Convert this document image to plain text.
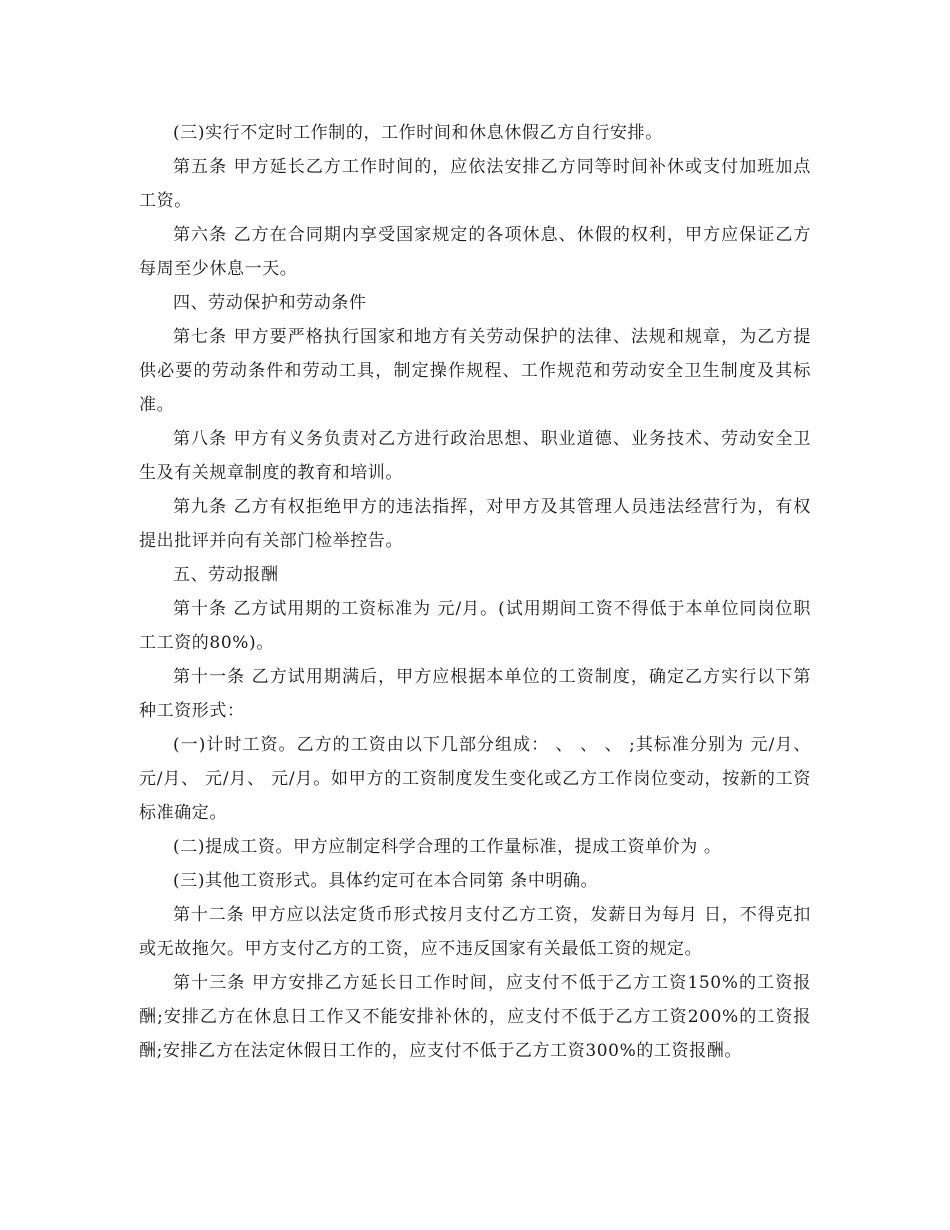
(三)实行不定时工作制的，工作时间和休息休假乙方自行安排。

第五条 甲方延长乙方工作时间的，应依法安排乙方同等时间补休或支付加班加点工资。

第六条 乙方在合同期内享受国家规定的各项休息、休假的权利，甲方应保证乙方每周至少休息一天。

四、劳动保护和劳动条件

第七条 甲方要严格执行国家和地方有关劳动保护的法律、法规和规章，为乙方提供必要的劳动条件和劳动工具，制定操作规程、工作规范和劳动安全卫生制度及其标准。

第八条 甲方有义务负责对乙方进行政治思想、职业道德、业务技术、劳动安全卫生及有关规章制度的教育和培训。

第九条 乙方有权拒绝甲方的违法指挥，对甲方及其管理人员违法经营行为，有权提出批评并向有关部门检举控告。

五、劳动报酬

第十条 乙方试用期的工资标准为 元/月。(试用期间工资不得低于本单位同岗位职工工资的80%)。

第十一条 乙方试用期满后，甲方应根据本单位的工资制度，确定乙方实行以下第 种工资形式：

(一)计时工资。乙方的工资由以下几部分组成： 、 、 、 ;其标准分别为 元/月、 元/月、 元/月、 元/月。如甲方的工资制度发生变化或乙方工作岗位变动，按新的工资标准确定。

(二)提成工资。甲方应制定科学合理的工作量标准，提成工资单价为 。

(三)其他工资形式。具体约定可在本合同第 条中明确。

第十二条 甲方应以法定货币形式按月支付乙方工资，发薪日为每月 日，不得克扣或无故拖欠。甲方支付乙方的工资，应不违反国家有关最低工资的规定。

第十三条 甲方安排乙方延长日工作时间，应支付不低于乙方工资150%的工资报酬;安排乙方在休息日工作又不能安排补休的，应支付不低于乙方工资200%的工资报酬;安排乙方在法定休假日工作的，应支付不低于乙方工资300%的工资报酬。
